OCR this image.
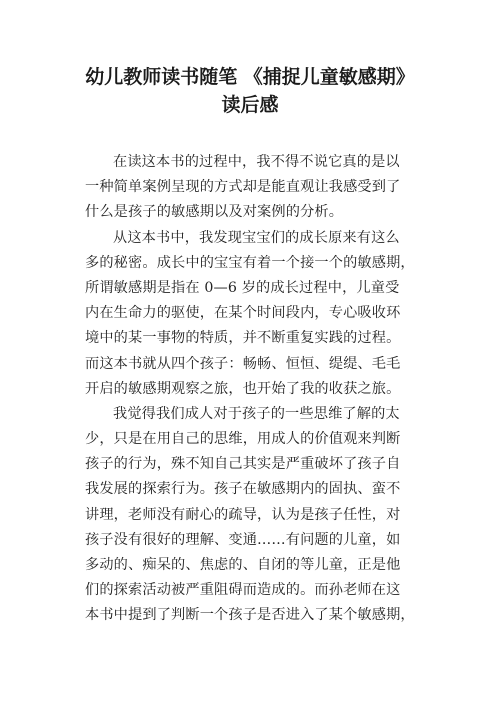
幼儿教师读书随笔 《捕捉儿童敏感期》
读后感
在读这本书的过程中，我不得不说它真的是以
一种简单案例呈现的方式却是能直观让我感受到了
什么是孩子的敏感期以及对案例的分析。
从这本书中，我发现宝宝们的成长原来有这么
多的秘密。成长中的宝宝有着一个接一个的敏感期，
所谓敏感期是指在 0—6 岁的成长过程中，儿童受
内在生命力的驱使，在某个时间段内，专心吸收环
境中的某一事物的特质，并不断重复实践的过程。
而这本书就从四个孩子：畅畅、恒恒、缇缇、毛毛
开启的敏感期观察之旅，也开始了我的收获之旅。
我觉得我们成人对于孩子的一些思维了解的太
少，只是在用自己的思维，用成人的价值观来判断
孩子的行为，殊不知自己其实是严重破坏了孩子自
我发展的探索行为。孩子在敏感期内的固执、蛮不
讲理，老师没有耐心的疏导，认为是孩子任性，对
孩子没有很好的理解、变通……有问题的儿童，如
多动的、痴呆的、焦虑的、自闭的等儿童，正是他
们的探索活动被严重阻碍而造成的。而孙老师在这
本书中提到了判断一个孩子是否进入了某个敏感期，
